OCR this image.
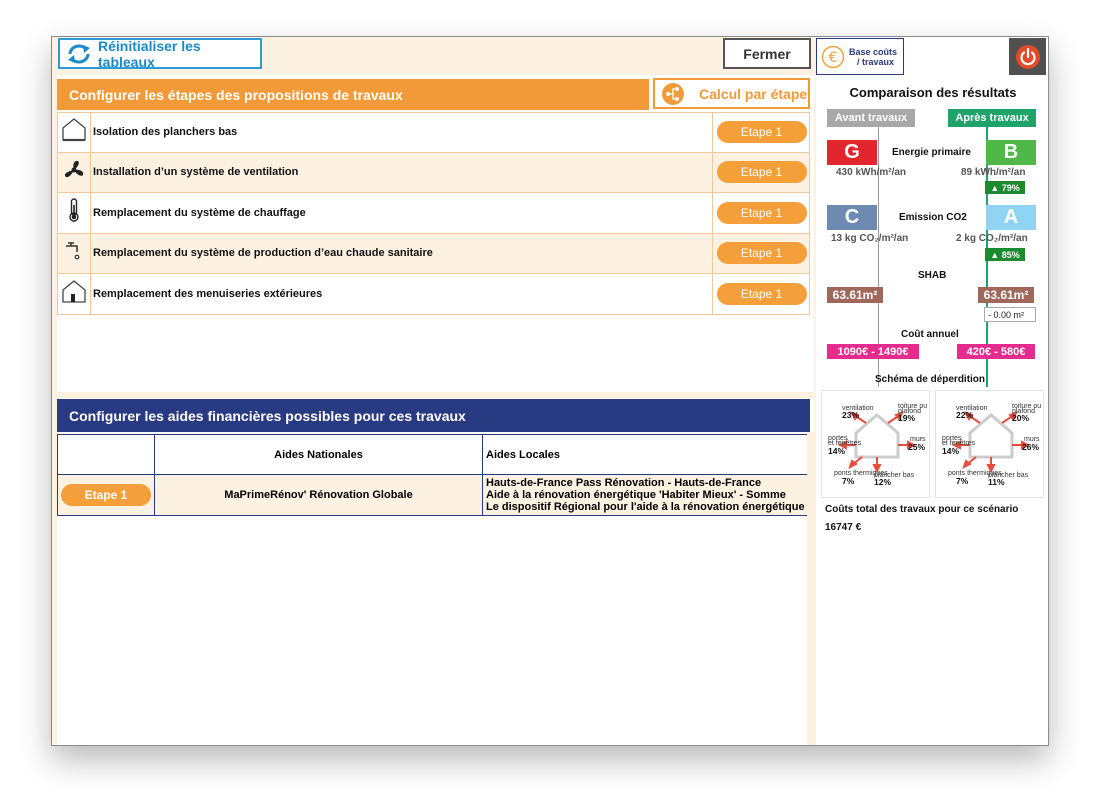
Réinitialiser les tableaux	Fermer
Configurer les étapes des propositions de travaux	Calcul par étape
Isolation des planchers bas	Etape 1
Installation d’un système de ventilation	Etape 1
Remplacement du système de chauffage	Etape 1
Remplacement du système de production d’eau chaude sanitaire	Etape 1
Remplacement des menuiseries extérieures	Etape 1
Configurer les aides financières possibles pour ces travaux
	Aides Nationales	Aides Locales

Etape 1	MaPrimeRénov' Rénovation Globale	Hauts-de-France Pass Rénovation - Hauts-de-France
Aide à la rénovation énergétique 'Habiter Mieux' - Somme
Le dispositif Régional pour l'aide à la rénovation énergétique
€ Base coûts
/ travaux
Comparaison des résultats
Avant travaux	Après travaux
G	B
Energie primaire
430 kWh/m²/an	89 kWh/m²/an
▲ 79%
C	A
Emission CO2
13 kg CO₂/m²/an	2 kg CO₂/m²/an
▲ 85%
SHAB
63.61m²	63.61m²
- 0.00 m²
Coût annuel
1090€ - 1490€	420€ - 580€
Schéma de déperdition
ventilation
23%
toiture ou
plafond
19%
murs
25%
portes
et fenêtres
14%
ponts thermiques
7%
plancher bas
12%
ventilation
22%
toiture ou
plafond
20%
murs
26%
portes
et fenêtres
14%
ponts thermiques
7%
plancher bas
11%
Coûts total des travaux pour ce scénario
16747 €
